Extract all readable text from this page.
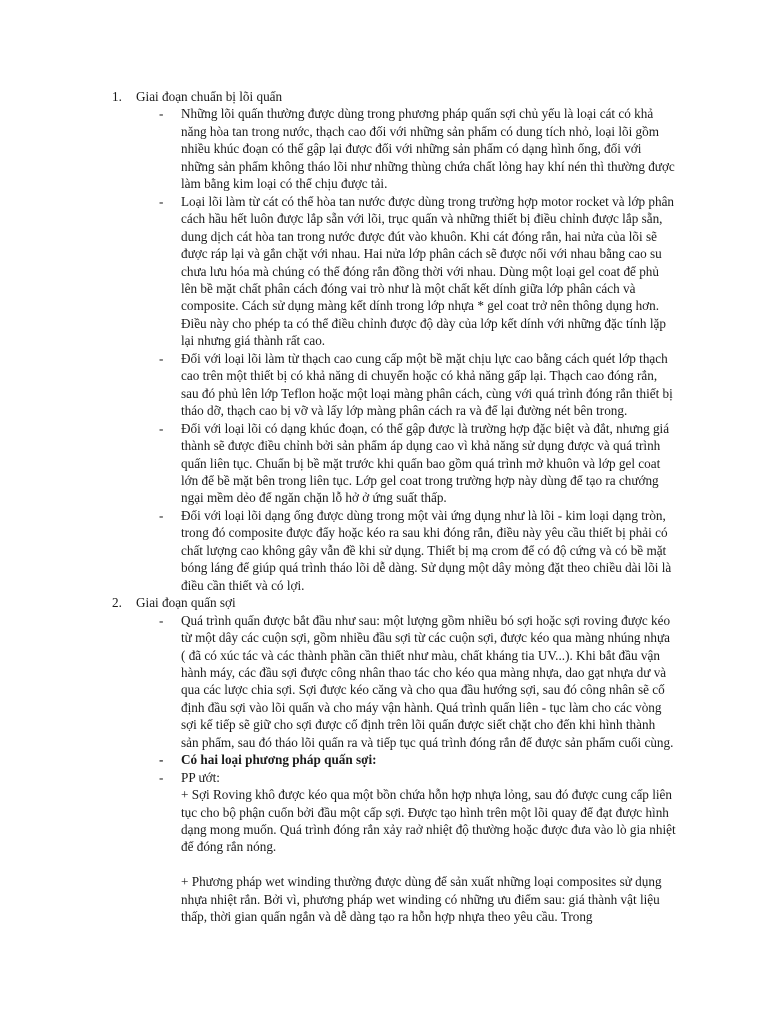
1. Giai đoạn chuẩn bị lõi quấn
- Những lõi quấn thường được dùng trong phương pháp quấn sợi chủ yếu là loại cát có khả năng hòa tan trong nước, thạch cao đối với những sản phẩm có dung tích nhỏ, loại lõi gồm nhiều khúc đoạn có thể gập lại được đối với những sản phẩm có dạng hình ống, đối với những sản phẩm không tháo lõi như những thùng chứa chất lỏng hay khí nén thì thường được làm bằng kim loại có thể chịu được tải.
- Loại lõi làm từ cát có thể hòa tan nước được dùng trong trường hợp motor rocket và lớp phân cách hầu hết luôn được lắp sẵn với lõi, trục quấn và những thiết bị điều chỉnh được lắp sẵn, dung dịch cát hòa tan trong nước được đút vào khuôn. Khi cát đóng rắn, hai nửa của lõi sẽ được ráp lại và gắn chặt với nhau. Hai nửa lớp phân cách sẽ được nối với nhau bằng cao su chưa lưu hóa mà chúng có thể đóng rắn đồng thời với nhau. Dùng một loại gel coat để phủ lên bề mặt chất phân cách đóng vai trò như là một chất kết dính giữa lớp phân cách và composite. Cách sử dụng màng kết dính trong lớp nhựa * gel coat trở nên thông dụng hơn. Điều này cho phép ta có thể điều chỉnh được độ dày của lớp kết dính với những đặc tính lặp lại nhưng giá thành rất cao.
- Đối với loại lõi làm từ thạch cao cung cấp một bề mặt chịu lực cao bằng cách quét lớp thạch cao trên một thiết bị có khả năng di chuyển hoặc có khả năng gấp lại. Thạch cao đóng rắn, sau đó phủ lên lớp Teflon hoặc một loại màng phân cách, cùng với quá trình đóng rắn thiết bị tháo dỡ, thạch cao bị vỡ và lấy lớp màng phân cách ra và để lại đường nét bên trong.
- Đối với loại lõi có dạng khúc đoạn, có thể gập được là trường hợp đặc biệt và đắt, nhưng giá thành sẽ được điều chỉnh bởi sản phẩm áp dụng cao vì khả năng sử dụng được và quá trình quấn liên tục. Chuẩn bị bề mặt trước khi quấn bao gồm quá trình mở khuôn và lớp gel coat lớn để bề mặt bên trong liên tục. Lớp gel coat trong trường hợp này dùng để tạo ra chướng ngại mềm dẻo để ngăn chặn lỗ hở ở ứng suất thấp.
- Đối với loại lõi dạng ống được dùng trong một vài ứng dụng như là lõi - kim loại dạng tròn, trong đó composite được đẩy hoặc kéo ra sau khi đóng rắn, điều này yêu cầu thiết bị phải có chất lượng cao không gây vẫn đề khi sử dụng. Thiết bị mạ crom để có độ cứng và có bề mặt bóng láng để giúp quá trình tháo lõi dễ dàng. Sử dụng một dây mỏng đặt theo chiều dài lõi là điều cần thiết và có lợi.
2. Giai đoạn quấn sợi
- Quá trình quấn được bắt đầu như sau: một lượng gồm nhiều bó sợi hoặc sợi roving được kéo từ một dây các cuộn sợi, gồm nhiều đầu sợi từ các cuộn sợi, được kéo qua màng nhúng nhựa ( đã có xúc tác và các thành phần cần thiết như màu, chất kháng tia UV...). Khi bắt đầu vận hành máy, các đầu sợi được công nhân thao tác cho kéo qua màng nhựa, dao gạt nhựa dư và qua các lược chia sợi. Sợi được kéo căng và cho qua đầu hướng sợi, sau đó công nhân sẽ cố định đầu sợi vào lõi quấn và cho máy vận hành. Quá trình quấn liên - tục làm cho các vòng sợi kế tiếp sẽ giữ cho sợi được cố định trên lõi quấn được siết chặt cho đến khi hình thành sản phẩm, sau đó tháo lõi quấn ra và tiếp tục quá trình đóng rắn để được sản phẩm cuối cùng.
- Có hai loại phương pháp quấn sợi:
- PP ướt:
+ Sợi Roving khô được kéo qua một bồn chứa hỗn hợp nhựa lỏng, sau đó được cung cấp liên tục cho bộ phận cuốn bởi đầu một cấp sợi. Được tạo hình trên một lõi quay để đạt được hình dạng mong muốn. Quá trình đóng rắn xảy raở nhiệt độ thường hoặc được đưa vào lò gia nhiệt để đóng rắn nóng.
+ Phương pháp wet winding thường được dùng để sản xuất những loại composites sử dụng nhựa nhiệt rắn. Bởi vì, phương pháp wet winding có những ưu điểm sau: giá thành vật liệu thấp, thời gian quấn ngắn và dễ dàng tạo ra hỗn hợp nhựa theo yêu cầu. Trong
